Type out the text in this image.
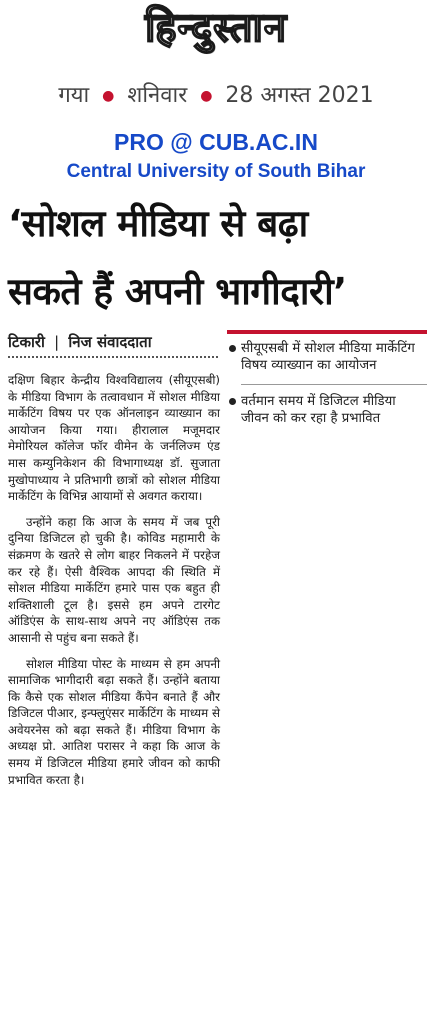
हिन्दुस्तान
गया ● शनिवार ● 28 अगस्त 2021
PRO @ CUB.AC.IN
Central University of South Bihar
‘सोशल मीडिया से बढ़ा
सकते हैं अपनी भागीदारी’
टिकारी | निज संवाददाता	सीयूएसबी में सोशल मीडिया मार्केटिंग विषय व्याख्यान का आयोजन
वर्तमान समय में डिजिटल मीडिया जीवन को कर रहा है प्रभावित

दक्षिण बिहार केन्द्रीय विश्वविद्यालय (सीयूएसबी) के मीडिया विभाग के तत्वावधान में सोशल मीडिया मार्केटिंग विषय पर एक ऑनलाइन व्याख्यान का आयोजन किया गया। हीरालाल मजूमदार मेमोरियल कॉलेज फॉर वीमेन के जर्नलिज्म एंड मास कम्युनिकेशन की विभागाध्यक्ष डॉ. सुजाता मुखोपाध्याय ने प्रतिभागी छात्रों को सोशल मीडिया मार्केटिंग के विभिन्न आयामों से अवगत कराया।

उन्होंने कहा कि आज के समय में जब पूरी दुनिया डिजिटल हो चुकी है। कोविड महामारी के संक्रमण के खतरे से लोग बाहर निकलने में परहेज कर रहे हैं। ऐसी वैश्विक आपदा की स्थिति में सोशल मीडिया मार्केटिंग हमारे पास एक बहुत ही शक्तिशाली टूल है। इससे हम अपने टारगेट ऑडिएंस के साथ-साथ अपने नए ऑडिएंस तक आसानी से पहुंच बना सकते हैं।

सोशल मीडिया पोस्ट के माध्यम से हम अपनी सामाजिक भागीदारी बढ़ा सकते हैं। उन्होंने बताया कि कैसे एक सोशल मीडिया कैंपेन बनाते हैं और डिजिटल पीआर, इन्फ्लुएंसर मार्केटिंग के माध्यम से अवेयरनेस को बढ़ा सकते हैं। मीडिया विभाग के अध्यक्ष प्रो. आतिश परासर ने कहा कि आज के समय में डिजिटल मीडिया हमारे जीवन को काफी प्रभावित करता है।
